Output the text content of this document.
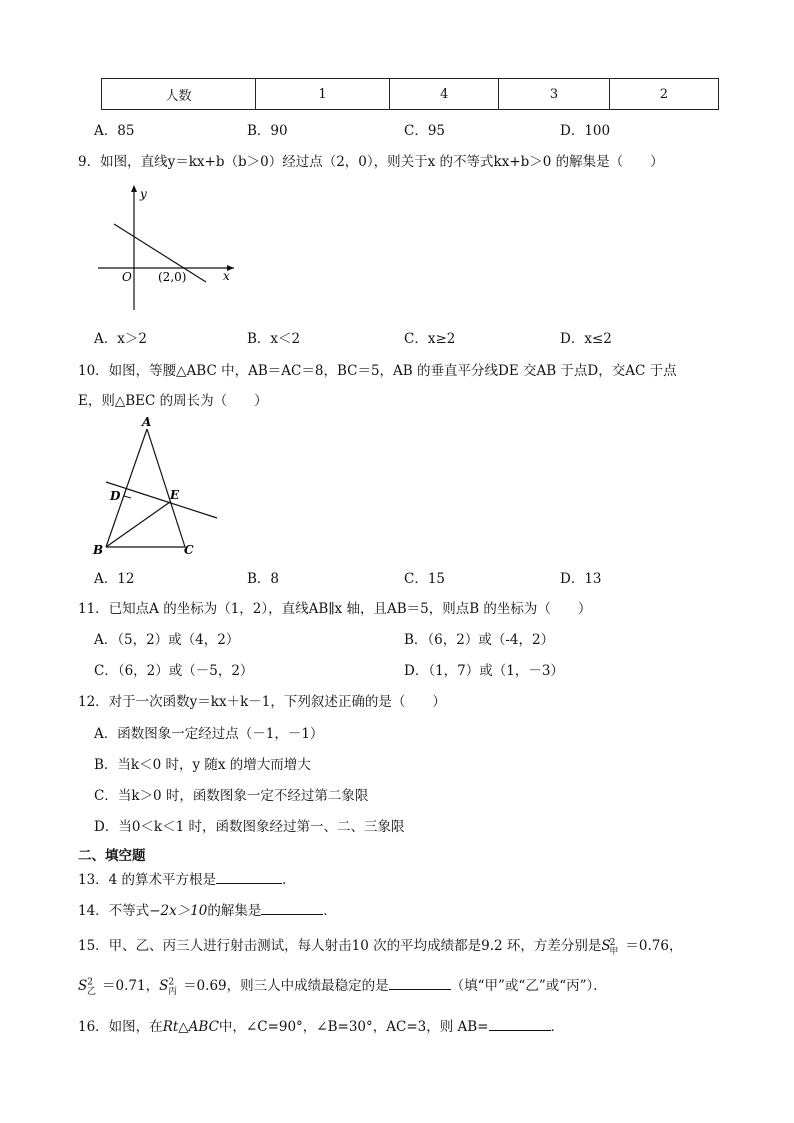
人数	1	4	3	2
A．85	B．90	C．95	D．100
9．如图，直线y＝kx+b（b＞0）经过点（2，0），则关于x 的不等式kx+b＞0 的解集是（　　）
y
x
O (2,0)
A．x＞2	B．x＜2	C．x≥2	D．x≤2
10．如图，等腰△ABC 中，AB＝AC＝8，BC＝5，AB 的垂直平分线DE 交AB 于点D，交AC 于点
E，则△BEC 的周长为（　　）
A
B	C
D	E
A．12	B．8	C．15	D．13
11．已知点A 的坐标为（1，2），直线AB∥x 轴，且AB＝5，则点B 的坐标为（　　）
A．（5，2）或（4，2）	B．（6，2）或（-4，2）
C．（6，2）或（－5，2）	D．（1，7）或（1，－3）
12．对于一次函数y＝kx＋k－1，下列叙述正确的是（　　）
A．函数图象一定经过点（－1，－1）
B．当k＜0 时，y 随x 的增大而增大
C．当k＞0 时，函数图象一定不经过第二象限
D．当0＜k＜1 时，函数图象经过第一、二、三象限
二、填空题
13．4 的算术平方根是	．
14．不等式−2x＞10的解集是	．
15．甲、乙、丙三人进行射击测试，每人射击10 次的平均成绩都是9.2 环，方差分别是$S^2_甲 =0.76$，
$S^2_乙 =0.71$，$S^2_丙 =0.69$，则三人中成绩最稳定的是	（填“甲”或“乙”或“丙”）．
16．如图，在Rt△ABC中，∠C=90°，∠B=30°，AC=3，则 AB=	．
